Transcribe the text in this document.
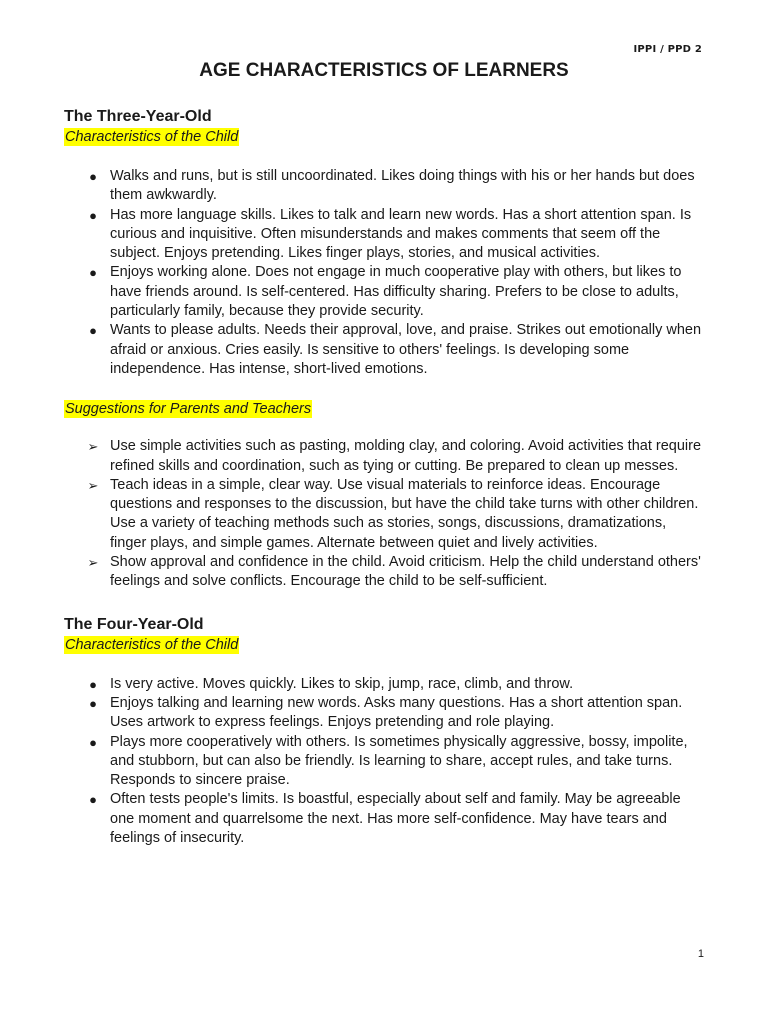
IPPI / PPD 2
AGE CHARACTERISTICS OF LEARNERS
The Three-Year-Old

Characteristics of the Child

● Walks and runs, but is still uncoordinated. Likes doing things with his or her hands but does them awkwardly.
● Has more language skills. Likes to talk and learn new words. Has a short attention span. Is curious and inquisitive. Often misunderstands and makes comments that seem off the subject. Enjoys pretending. Likes finger plays, stories, and musical activities.
● Enjoys working alone. Does not engage in much cooperative play with others, but likes to have friends around. Is self-centered. Has difficulty sharing. Prefers to be close to adults, particularly family, because they provide security.
● Wants to please adults. Needs their approval, love, and praise. Strikes out emotionally when afraid or anxious. Cries easily. Is sensitive to others' feelings. Is developing some independence. Has intense, short-lived emotions.

Suggestions for Parents and Teachers

➢ Use simple activities such as pasting, molding clay, and coloring. Avoid activities that require refined skills and coordination, such as tying or cutting. Be prepared to clean up messes.
➢ Teach ideas in a simple, clear way. Use visual materials to reinforce ideas. Encourage questions and responses to the discussion, but have the child take turns with other children. Use a variety of teaching methods such as stories, songs, discussions, dramatizations, finger plays, and simple games. Alternate between quiet and lively activities.
➢ Show approval and confidence in the child. Avoid criticism. Help the child understand others' feelings and solve conflicts. Encourage the child to be self-sufficient.
The Four-Year-Old

Characteristics of the Child

● Is very active. Moves quickly. Likes to skip, jump, race, climb, and throw.
● Enjoys talking and learning new words. Asks many questions. Has a short attention span. Uses artwork to express feelings. Enjoys pretending and role playing.
● Plays more cooperatively with others. Is sometimes physically aggressive, bossy, impolite, and stubborn, but can also be friendly. Is learning to share, accept rules, and take turns. Responds to sincere praise.
● Often tests people's limits. Is boastful, especially about self and family. May be agreeable one moment and quarrelsome the next. Has more self-confidence. May have tears and feelings of insecurity.
1
